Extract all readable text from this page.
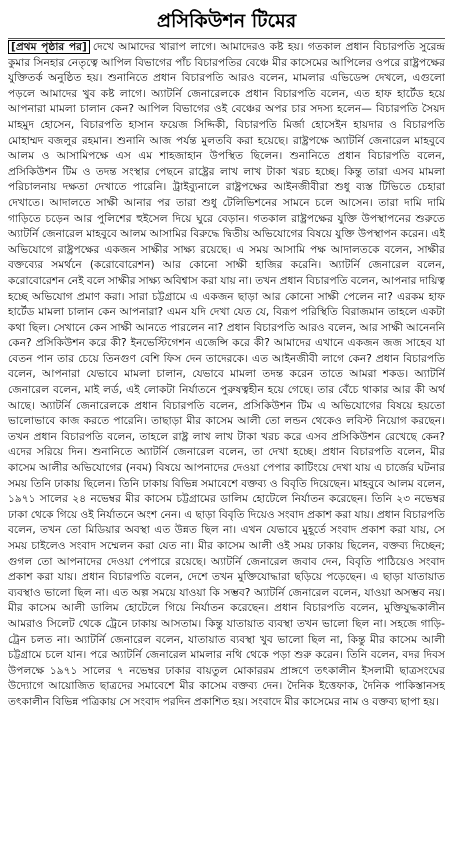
প্রসিকিউশন টিমের

[প্রথম পৃষ্ঠার পর] দেখে আমাদের খারাপ লাগে। আমাদেরও কষ্ট হয়। গতকাল প্রধান বিচারপতি সুরেন্দ্র কুমার সিনহার নেতৃত্বে আপিল বিভাগের পাঁচ বিচারপতির বেঞ্চে মীর কাসেমের আপিলের ওপরে রাষ্ট্রপক্ষের যুক্তিতর্ক অনুষ্ঠিত হয়। শুনানিতে প্রধান বিচারপতি আরও বলেন, মামলার এভিডেন্স দেখলে, এগুলো পড়লে আমাদের খুব কষ্ট লাগে। অ্যাটর্নি জেনারেলকে প্রধান বিচারপতি বলেন, এত হাফ হার্টেড হয়ে আপনারা মামলা চালান কেন? আপিল বিভাগের ওই বেঞ্চের অপর চার সদস্য হলেন— বিচারপতি সৈয়দ মাহমুদ হোসেন, বিচারপতি হাসান ফয়েজ সিদ্দিকী, বিচারপতি মির্জা হোসেইন হায়দার ও বিচারপতি মোহাম্মদ বজলুর রহমান। শুনানি আজ পর্যন্ত মুলতবি করা হয়েছে। রাষ্ট্রপক্ষে অ্যাটর্নি জেনারেল মাহবুবে আলম ও আসামিপক্ষে এস এম শাহজাহান উপস্থিত ছিলেন। শুনানিতে প্রধান বিচারপতি বলেন, প্রসিকিউশন টিম ও তদন্ত সংস্থার পেছনে রাষ্ট্রের লাখ লাখ টাকা খরচ হচ্ছে। কিন্তু তারা এসব মামলা পরিচালনায় দক্ষতা দেখাতে পারেনি। ট্রাইব্যুনালে রাষ্ট্রপক্ষের আইনজীবীরা শুধু ব্যস্ত টিভিতে চেহারা দেখাতে। আদালতে সাক্ষী আনার পর তারা শুধু টেলিভিশনের সামনে চলে আসেন। তারা দামি দামি গাড়িতে চড়েন আর পুলিশের হুইসেল দিয়ে ঘুরে বেড়ান। গতকাল রাষ্ট্রপক্ষের যুক্তি উপস্থাপনের শুরুতে অ্যাটর্নি জেনারেল মাহবুবে আলম আসামির বিরুদ্ধে দ্বিতীয় অভিযোগের বিষয়ে যুক্তি উপস্থাপন করেন। এই অভিযোগে রাষ্ট্রপক্ষের একজন সাক্ষীর সাক্ষ্য রয়েছে। এ সময় আসামি পক্ষ আদালতকে বলেন, সাক্ষীর বক্তব্যের সমর্থনে (করোবোরেশন) আর কোনো সাক্ষী হাজির করেনি। অ্যাটর্নি জেনারেল বলেন, করোবোরেশন নেই বলে সাক্ষীর সাক্ষ্য অবিশ্বাস করা যায় না। তখন প্রধান বিচারপতি বলেন, আপনার দায়িত্ব হচ্ছে অভিযোগ প্রমাণ করা। সারা চট্টগ্রামে এ একজন ছাড়া আর কোনো সাক্ষী পেলেন না? এরকম হাফ হার্টেড মামলা চালান কেন আপনারা? এমন যদি দেখা যেত যে, বিরূপ পরিস্থিতি বিরাজমান তাহলে একটা কথা ছিল। সেখানে কেন সাক্ষী আনতে পারলেন না? প্রধান বিচারপতি আরও বলেন, আর সাক্ষী আনেননি কেন? প্রসিকিউশন করে কী? ইনভেস্টিগেশন এজেন্সি করে কী? আমাদের এখানে একজন জজ সাহেব যা বেতন পান তার চেয়ে তিনগুণ বেশি ফিস দেন তাদেরকে। এত আইনজীবী লাগে কেন? প্রধান বিচারপতি বলেন, আপনারা যেভাবে মামলা চালান, যেভাবে মামলা তদন্ত করেন তাতে আমরা শকড। অ্যাটর্নি জেনারেল বলেন, মাই লর্ড, এই লোকটা নির্যাতনে পুরুষত্বহীন হয়ে গেছে। তার বেঁচে থাকার আর কী অর্থ আছে। অ্যাটর্নি জেনারেলকে প্রধান বিচারপতি বলেন, প্রসিকিউশন টিম এ অভিযোগের বিষয়ে হয়তো ভালোভাবে কাজ করতে পারেনি। তাছাড়া মীর কাসেম আলী তো লন্ডন থেকেও লবিস্ট নিয়োগ করছেন। তখন প্রধান বিচারপতি বলেন, তাহলে রাষ্ট্র লাখ লাখ টাকা খরচ করে এসব প্রসিকিউশন রেখেছে কেন? এদের সরিয়ে দিন। শুনানিতে অ্যাটর্নি জেনারেল বলেন, তা দেখা হচ্ছে। প্রধান বিচারপতি বলেন, মীর কাসেম আলীর অভিযোগের (নবম) বিষয়ে আপনাদের দেওয়া পেপার কাটিংয়ে দেখা যায় এ চার্জের ঘটনার সময় তিনি ঢাকায় ছিলেন। তিনি ঢাকায় বিভিন্ন সমাবেশে বক্তব্য ও বিবৃতি দিয়েছেন। মাহবুবে আলম বলেন, ১৯৭১ সালের ২৪ নভেম্বর মীর কাসেম চট্টগ্রামের ডালিম হোটেলে নির্যাতন করেছেন। তিনি ২৩ নভেম্বর ঢাকা থেকে গিয়ে ওই নির্যাতনে অংশ নেন। এ ছাড়া বিবৃতি দিয়েও সংবাদ প্রকাশ করা যায়। প্রধান বিচারপতি বলেন, তখন তো মিডিয়ার অবস্থা এত উন্নত ছিল না। এখন যেভাবে মুহূর্তে সংবাদ প্রকাশ করা যায়, সে সময় চাইলেও সংবাদ সম্মেলন করা যেত না। মীর কাসেম আলী ওই সময় ঢাকায় ছিলেন, বক্তব্য দিচ্ছেন; গুগল তো আপনাদের দেওয়া পেপারে রয়েছে। অ্যাটর্নি জেনারেল জবাব দেন, বিবৃতি পাঠিয়েও সংবাদ প্রকাশ করা যায়। প্রধান বিচারপতি বলেন, দেশে তখন মুক্তিযোদ্ধারা ছড়িয়ে পড়েছেন। এ ছাড়া যাতায়াত ব্যবস্থাও ভালো ছিল না। এত অল্প সময়ে যাওয়া কি সম্ভব? অ্যাটর্নি জেনারেল বলেন, যাওয়া অসম্ভব নয়। মীর কাসেম আলী ডালিম হোটেলে গিয়ে নির্যাতন করেছেন। প্রধান বিচারপতি বলেন, মুক্তিযুদ্ধকালীন আমরাও সিলেট থেকে ট্রেনে ঢাকায় আসতাম। কিন্তু যাতায়াত ব্যবস্থা তখন ভালো ছিল না। সহজে গাড়ি-ট্রেন চলত না। অ্যাটর্নি জেনারেল বলেন, যাতায়াত ব্যবস্থা খুব ভালো ছিল না, কিন্তু মীর কাসেম আলী চট্টগ্রামে চলে যান। পরে অ্যাটর্নি জেনারেল মামলার নথি থেকে পড়া শুরু করেন। তিনি বলেন, বদর দিবস উপলক্ষে ১৯৭১ সালের ৭ নভেম্বর ঢাকার বায়তুল মোকাররম প্রাঙ্গণে তৎকালীন ইসলামী ছাত্রসংঘের উদ্যোগে আয়োজিত ছাত্রদের সমাবেশে মীর কাসেম বক্তব্য দেন। দৈনিক ইত্তেফাক, দৈনিক পাকিস্তানসহ তৎকালীন বিভিন্ন পত্রিকায় সে সংবাদ পরদিন প্রকাশিত হয়। সংবাদে মীর কাসেমের নাম ও বক্তব্য ছাপা হয়।
